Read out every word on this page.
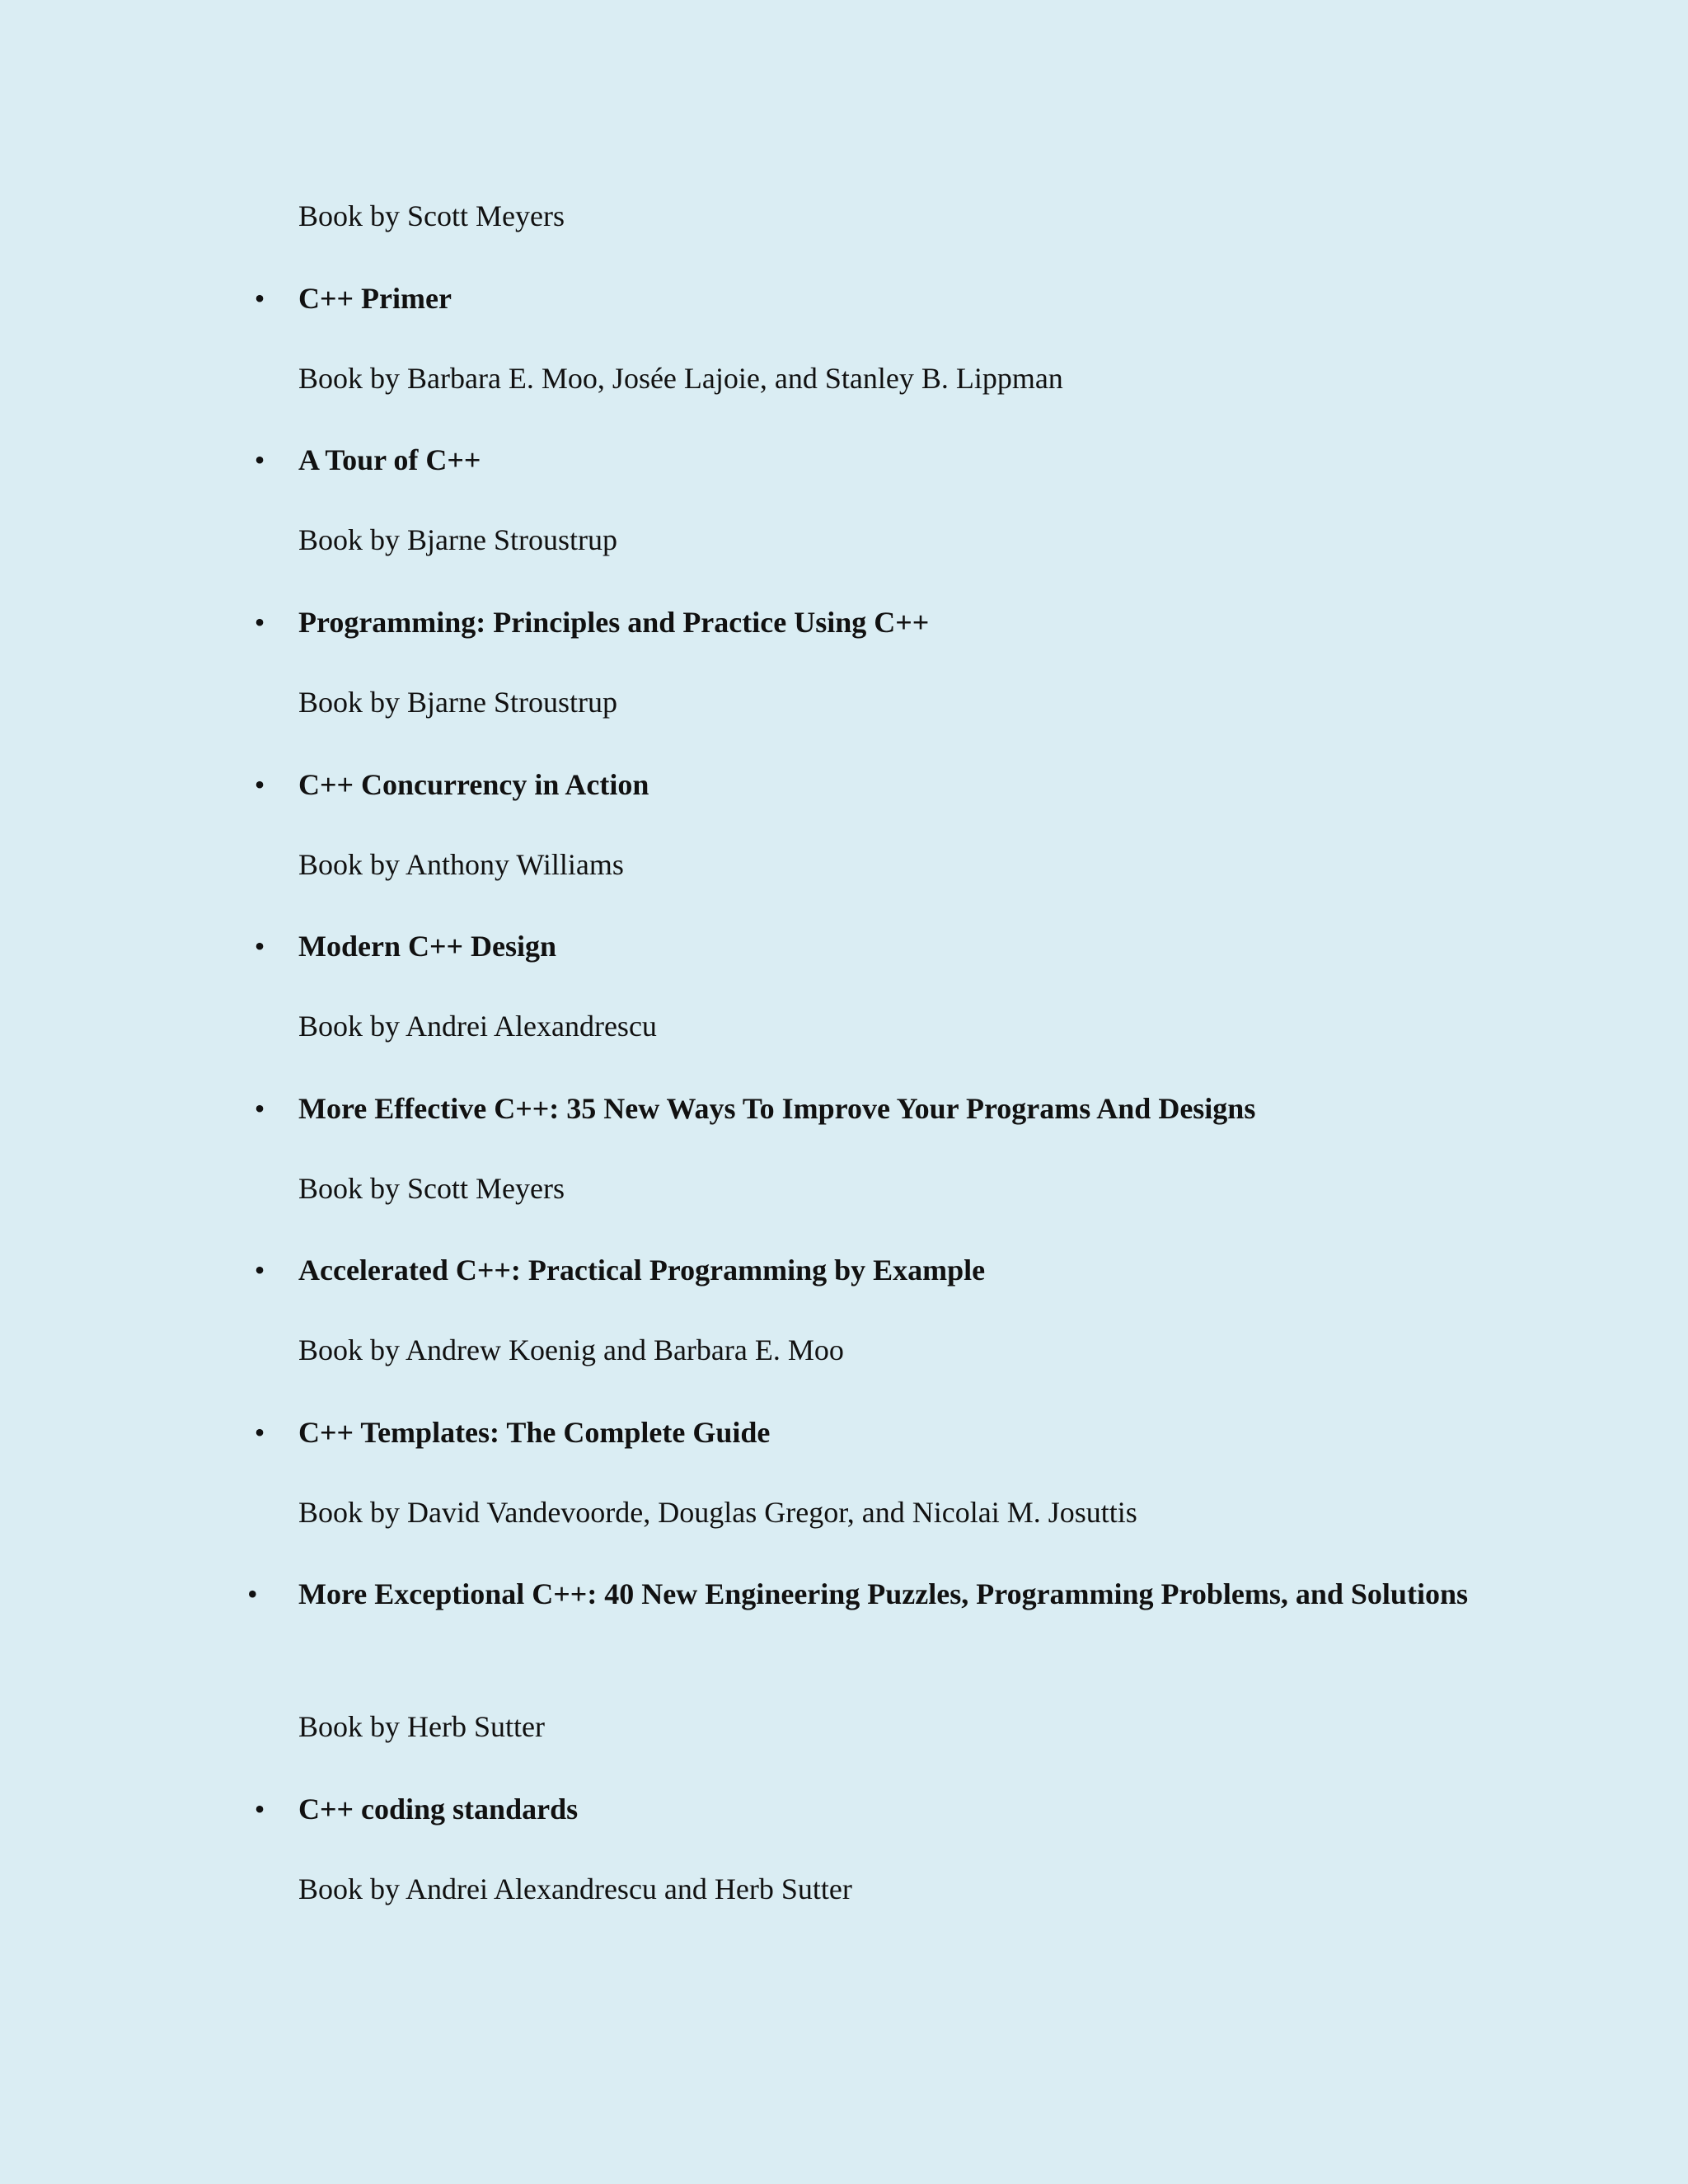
Book by Scott Meyers
• C++ Primer
Book by Barbara E. Moo, Josée Lajoie, and Stanley B. Lippman
• A Tour of C++
Book by Bjarne Stroustrup
• Programming: Principles and Practice Using C++
Book by Bjarne Stroustrup
• C++ Concurrency in Action
Book by Anthony Williams
• Modern C++ Design
Book by Andrei Alexandrescu
• More Effective C++: 35 New Ways To Improve Your Programs And Designs
Book by Scott Meyers
• Accelerated C++: Practical Programming by Example
Book by Andrew Koenig and Barbara E. Moo
• C++ Templates: The Complete Guide
Book by David Vandevoorde, Douglas Gregor, and Nicolai M. Josuttis
•	More Exceptional C++: 40 New Engineering Puzzles, Programming Problems, and Solutions
Book by Herb Sutter
• C++ coding standards
Book by Andrei Alexandrescu and Herb Sutter
